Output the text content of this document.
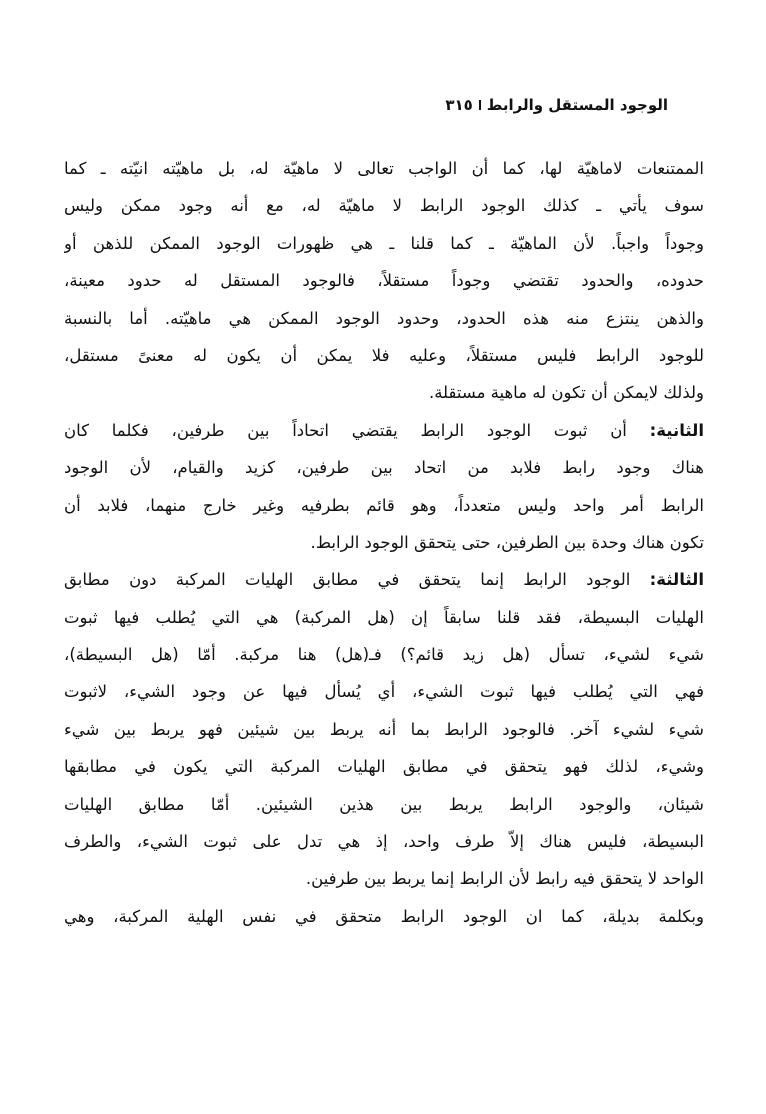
الوجود المستقل والرابط
٣١٥
الممتنعات لاماهيّة لها، كما أن الواجب تعالى لا ماهيّة له، بل ماهيّته انيّته ـ كما
سوف يأتي ـ كذلك الوجود الرابط لا ماهيّة له، مع أنه وجود ممكن وليس
وجوداً واجباً. لأن الماهيّة ـ كما قلنا ـ هي ظهورات الوجود الممكن للذهن أو
حدوده، والحدود تقتضي وجوداً مستقلاً، فالوجود المستقل له حدود معينة،
والذهن ينتزع منه هذه الحدود، وحدود الوجود الممكن هي ماهيّته. أما بالنسبة
للوجود الرابط فليس مستقلاً، وعليه فلا يمكن أن يكون له معنىً مستقل،
ولذلك لايمكن أن تكون له ماهية مستقلة.
الثانية: أن ثبوت الوجود الرابط يقتضي اتحاداً بين طرفين، فكلما كان
هناك وجود رابط فلابد من اتحاد بين طرفين، كزيد والقيام، لأن الوجود
الرابط أمر واحد وليس متعدداً، وهو قائم بطرفيه وغير خارج منهما، فلابد أن
تكون هناك وحدة بين الطرفين، حتى يتحقق الوجود الرابط.
الثالثة: الوجود الرابط إنما يتحقق في مطابق الهليات المركبة دون مطابق
الهليات البسيطة، فقد قلنا سابقاً إن (هل المركبة) هي التي يُطلب فيها ثبوت
شيء لشيء، تسأل (هل زيد قائم؟) فـ(هل) هنا مركبة. أمّا (هل البسيطة)،
فهي التي يُطلب فيها ثبوت الشيء، أي يُسأل فيها عن وجود الشيء، لاثبوت
شيء لشيء آخر. فالوجود الرابط بما أنه يربط بين شيئين فهو يربط بين شيء
وشيء، لذلك فهو يتحقق في مطابق الهليات المركبة التي يكون في مطابقها
شيئان، والوجود الرابط يربط بين هذين الشيئين. أمّا مطابق الهليات
البسيطة، فليس هناك إلاّ طرف واحد، إذ هي تدل على ثبوت الشيء، والطرف
الواحد لا يتحقق فيه رابط لأن الرابط إنما يربط بين طرفين.
وبكلمة بديلة، كما ان الوجود الرابط متحقق في نفس الهلية المركبة، وهي
